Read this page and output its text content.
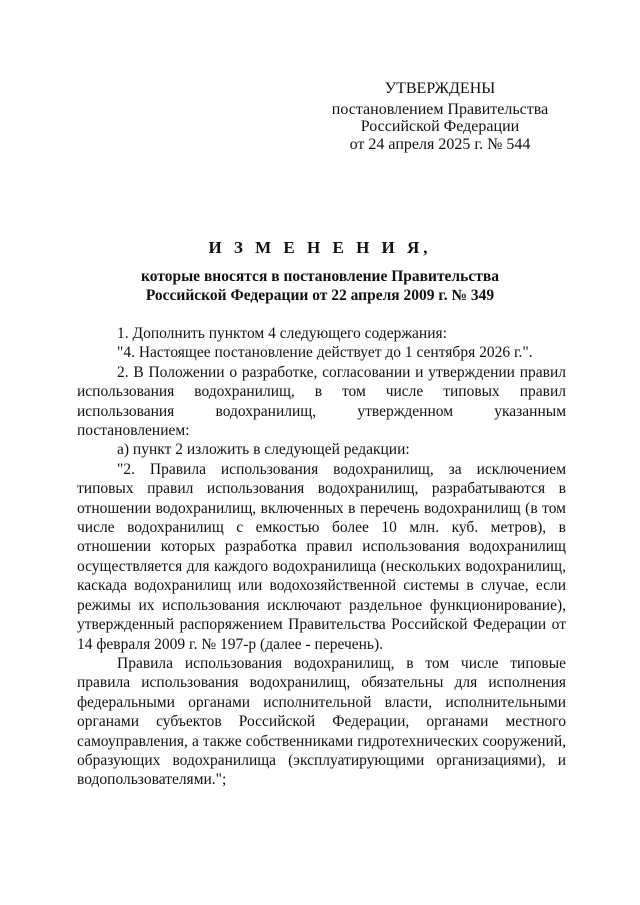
УТВЕРЖДЕНЫ
постановлением Правительства
Российской Федерации
от 24 апреля 2025 г. № 544
И З М Е Н Е Н И Я,
которые вносятся в постановление Правительства
Российской Федерации от 22 апреля 2009 г. № 349

1. Дополнить пунктом 4 следующего содержания:

"4. Настоящее постановление действует до 1 сентября 2026 г.".

2. В Положении о разработке, согласовании и утверждении правил использования водохранилищ, в том числе типовых правил использования водохранилищ, утвержденном указанным постановлением:

а) пункт 2 изложить в следующей редакции:

"2. Правила использования водохранилищ, за исключением типовых правил использования водохранилищ, разрабатываются в отношении водохранилищ, включенных в перечень водохранилищ (в том числе водохранилищ с емкостью более 10 млн. куб. метров), в отношении которых разработка правил использования водохранилищ осуществляется для каждого водохранилища (нескольких водохранилищ, каскада водохранилищ или водохозяйственной системы в случае, если режимы их использования исключают раздельное функционирование), утвержденный распоряжением Правительства Российской Федерации от 14 февраля 2009 г. № 197-р (далее - перечень).

Правила использования водохранилищ, в том числе типовые правила использования водохранилищ, обязательны для исполнения федеральными органами исполнительной власти, исполнительными органами субъектов Российской Федерации, органами местного самоуправления, а также собственниками гидротехнических сооружений, образующих водохранилища (эксплуатирующими организациями), и водопользователями.";
